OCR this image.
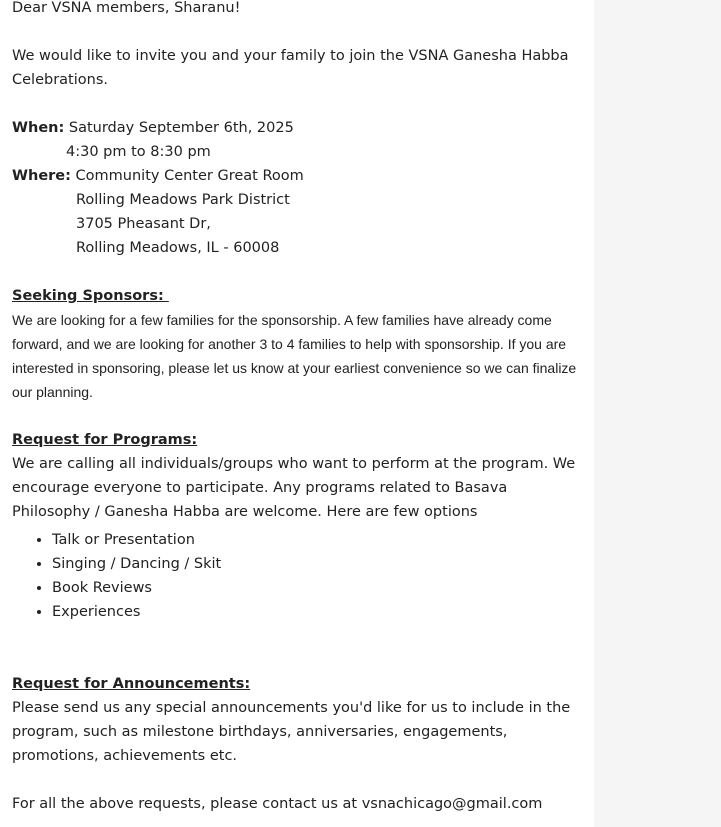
Dear VSNA members, Sharanu!
We would like to invite you and your family to join the VSNA Ganesha Habba Celebrations.
When: Saturday September 6th, 2025
4:30 pm to 8:30 pm
Where: Community Center Great Room
Rolling Meadows Park District
3705 Pheasant Dr,
Rolling Meadows, IL - 60008
Seeking Sponsors:
We are looking for a few families for the sponsorship. A few families have already come forward, and we are looking for another 3 to 4 families to help with sponsorship. If you are interested in sponsoring, please let us know at your earliest convenience so we can finalize our planning.
Request for Programs:
We are calling all individuals/groups who want to perform at the program. We encourage everyone to participate. Any programs related to Basava Philosophy / Ganesha Habba are welcome. Here are few options
• Talk or Presentation
• Singing / Dancing / Skit
• Book Reviews
• Experiences
Request for Announcements:
Please send us any special announcements you'd like for us to include in the program, such as milestone birthdays, anniversaries, engagements, promotions, achievements etc.
For all the above requests, please contact us at vsnachicago@gmail.com
